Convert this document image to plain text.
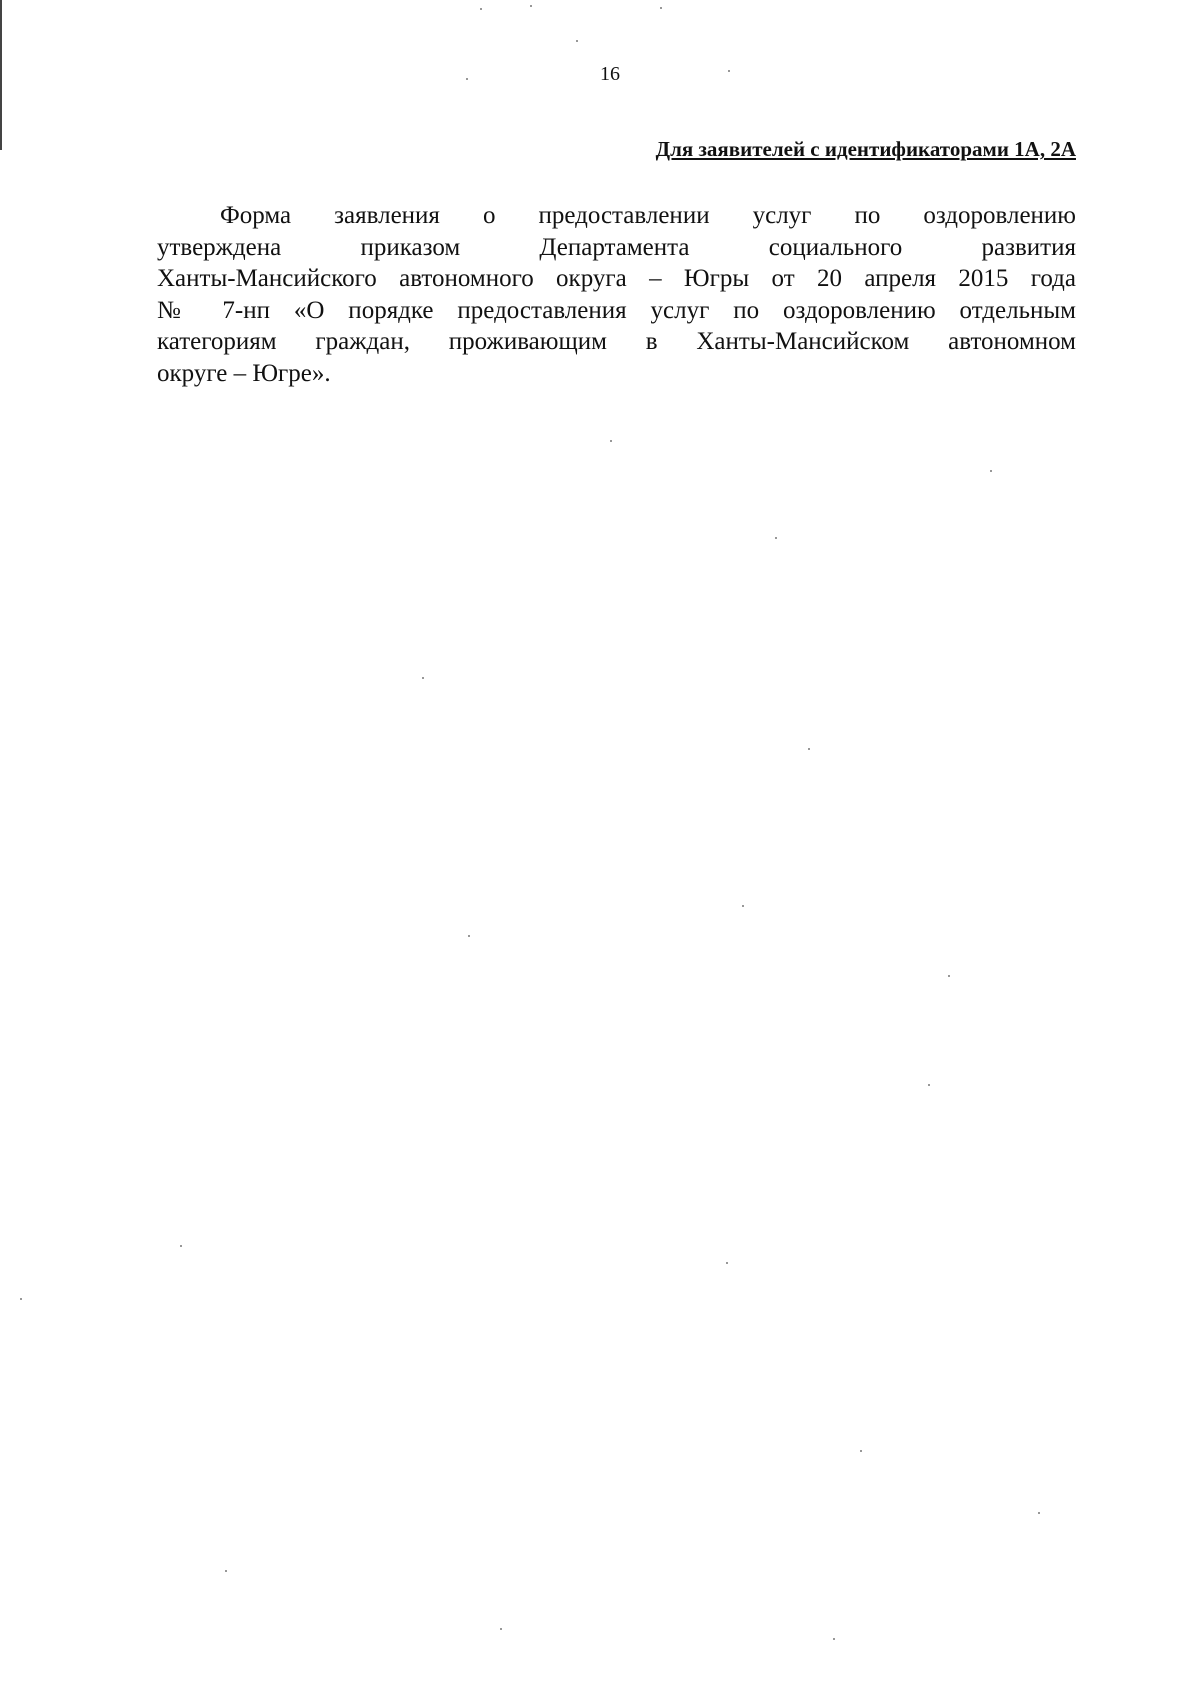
16
Для заявителей с идентификаторами 1А, 2А

Форма заявления о предоставлении услуг по оздоровлению
утверждена приказом Департамента социального развития
Ханты-Мансийского автономного округа – Югры от 20 апреля 2015 года
№ 7-нп «О порядке предоставления услуг по оздоровлению отдельным
категориям граждан, проживающим в Ханты-Мансийском автономном
округе – Югре».
